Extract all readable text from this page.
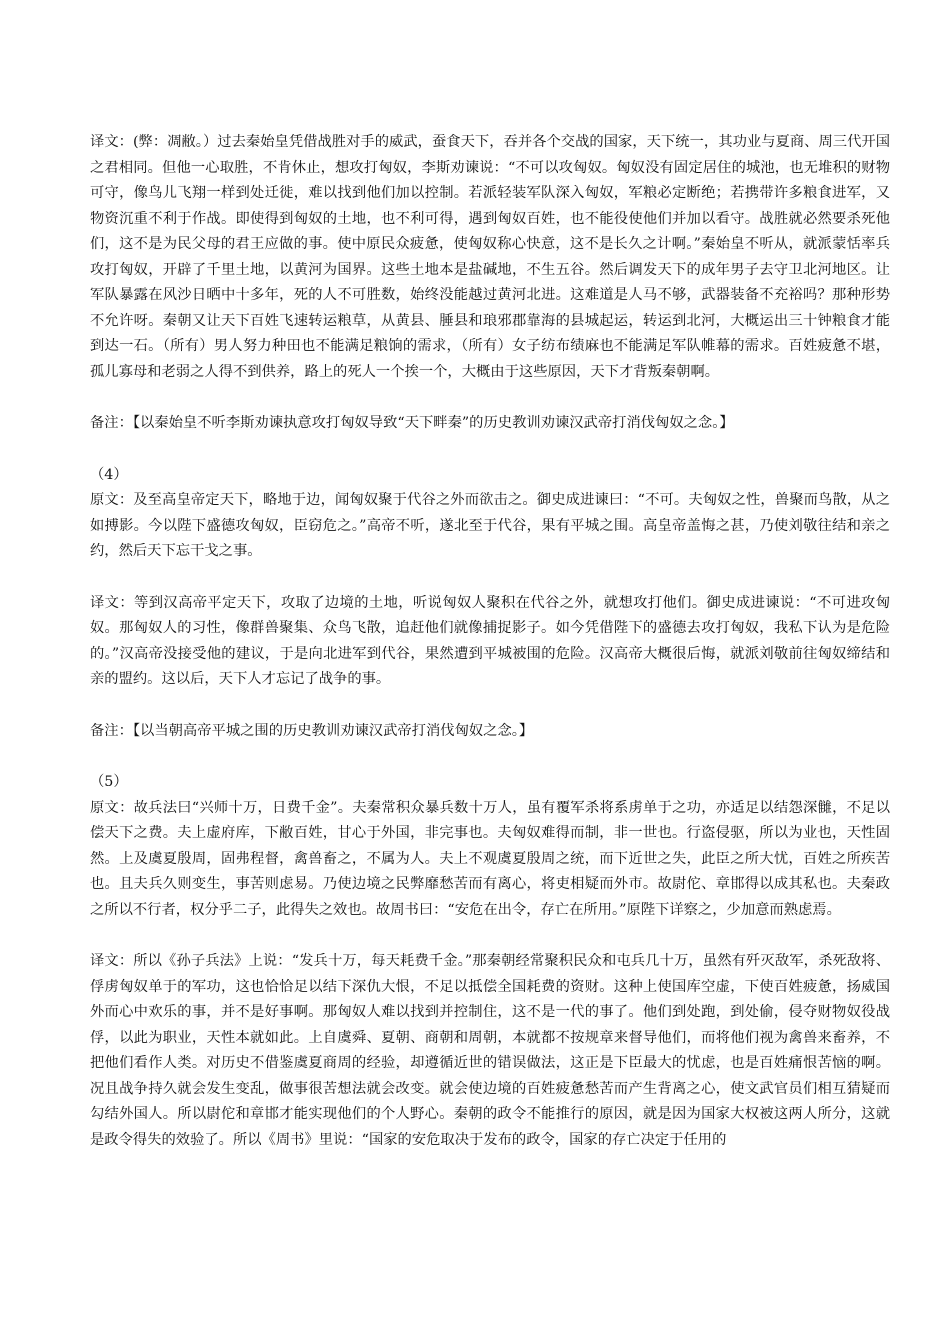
译文：(弊：凋敝。）过去秦始皇凭借战胜对手的威武，蚕食天下，吞并各个交战的国家，天下统一，其功业与夏商、周三代开国之君相同。但他一心取胜，不肯休止，想攻打匈奴，李斯劝谏说：“不可以攻匈奴。匈奴没有固定居住的城池，也无堆积的财物可守，像鸟儿飞翔一样到处迁徙，难以找到他们加以控制。若派轻装军队深入匈奴，军粮必定断绝；若携带许多粮食进军，又物资沉重不利于作战。即使得到匈奴的土地，也不利可得，遇到匈奴百姓，也不能役使他们并加以看守。战胜就必然要杀死他们，这不是为民父母的君王应做的事。使中原民众疲惫，使匈奴称心快意，这不是长久之计啊。”秦始皇不听从，就派蒙恬率兵攻打匈奴，开辟了千里土地，以黄河为国界。这些土地本是盐碱地，不生五谷。然后调发天下的成年男子去守卫北河地区。让军队暴露在风沙日晒中十多年，死的人不可胜数，始终没能越过黄河北进。这难道是人马不够，武器装备不充裕吗？那种形势不允许呀。秦朝又让天下百姓飞速转运粮草，从黄县、腄县和琅邪郡靠海的县城起运，转运到北河，大概运出三十钟粮食才能到达一石。（所有）男人努力种田也不能满足粮饷的需求，（所有）女子纺布绩麻也不能满足军队帷幕的需求。百姓疲惫不堪，孤儿寡母和老弱之人得不到供养，路上的死人一个挨一个，大概由于这些原因，天下才背叛秦朝啊。

备注：【以秦始皇不听李斯劝谏执意攻打匈奴导致“天下畔秦”的历史教训劝谏汉武帝打消伐匈奴之念。】

（4）

原文：及至高皇帝定天下，略地于边，闻匈奴聚于代谷之外而欲击之。御史成进谏曰：“不可。夫匈奴之性，兽聚而鸟散，从之如搏影。今以陛下盛德攻匈奴，臣窃危之。”高帝不听，遂北至于代谷，果有平城之围。高皇帝盖悔之甚，乃使刘敬往结和亲之约，然后天下忘干戈之事。

译文：等到汉高帝平定天下，攻取了边境的土地，听说匈奴人聚积在代谷之外，就想攻打他们。御史成进谏说：“不可进攻匈奴。那匈奴人的习性，像群兽聚集、众鸟飞散，追赶他们就像捕捉影子。如今凭借陛下的盛德去攻打匈奴，我私下认为是危险的。”汉高帝没接受他的建议，于是向北进军到代谷，果然遭到平城被围的危险。汉高帝大概很后悔，就派刘敬前往匈奴缔结和亲的盟约。这以后，天下人才忘记了战争的事。

备注：【以当朝高帝平城之围的历史教训劝谏汉武帝打消伐匈奴之念。】

（5）

原文：故兵法曰“兴师十万，日费千金”。夫秦常积众暴兵数十万人，虽有覆军杀将系虏单于之功，亦适足以结怨深雠，不足以偿天下之费。夫上虚府库，下敝百姓，甘心于外国，非完事也。夫匈奴难得而制，非一世也。行盗侵驱，所以为业也，天性固然。上及虞夏殷周，固弗程督，禽兽畜之，不属为人。夫上不观虞夏殷周之统，而下近世之失，此臣之所大忧，百姓之所疾苦也。且夫兵久则变生，事苦则虑易。乃使边境之民弊靡愁苦而有离心，将吏相疑而外市。故尉佗、章邯得以成其私也。夫秦政之所以不行者，权分乎二子，此得失之效也。故周书曰：“安危在出令，存亡在所用。”原陛下详察之，少加意而熟虑焉。

译文：所以《孙子兵法》上说：“发兵十万，每天耗费千金。”那秦朝经常聚积民众和屯兵几十万，虽然有歼灭敌军，杀死敌将、俘虏匈奴单于的军功，这也恰恰足以结下深仇大恨，不足以抵偿全国耗费的资财。这种上使国库空虚，下使百姓疲惫，扬威国外而心中欢乐的事，并不是好事啊。那匈奴人难以找到并控制住，这不是一代的事了。他们到处跑，到处偷，侵夺财物奴役战俘，以此为职业，天性本就如此。上自虞舜、夏朝、商朝和周朝，本就都不按规章来督导他们，而将他们视为禽兽来畜养，不把他们看作人类。对历史不借鉴虞夏商周的经验，却遵循近世的错误做法，这正是下臣最大的忧虑，也是百姓痛恨苦恼的啊。况且战争持久就会发生变乱，做事很苦想法就会改变。就会使边境的百姓疲惫愁苦而产生背离之心，使文武官员们相互猜疑而勾结外国人。所以尉佗和章邯才能实现他们的个人野心。秦朝的政令不能推行的原因，就是因为国家大权被这两人所分，这就是政令得失的效验了。所以《周书》里说：“国家的安危取决于发布的政令，国家的存亡决定于任用的
